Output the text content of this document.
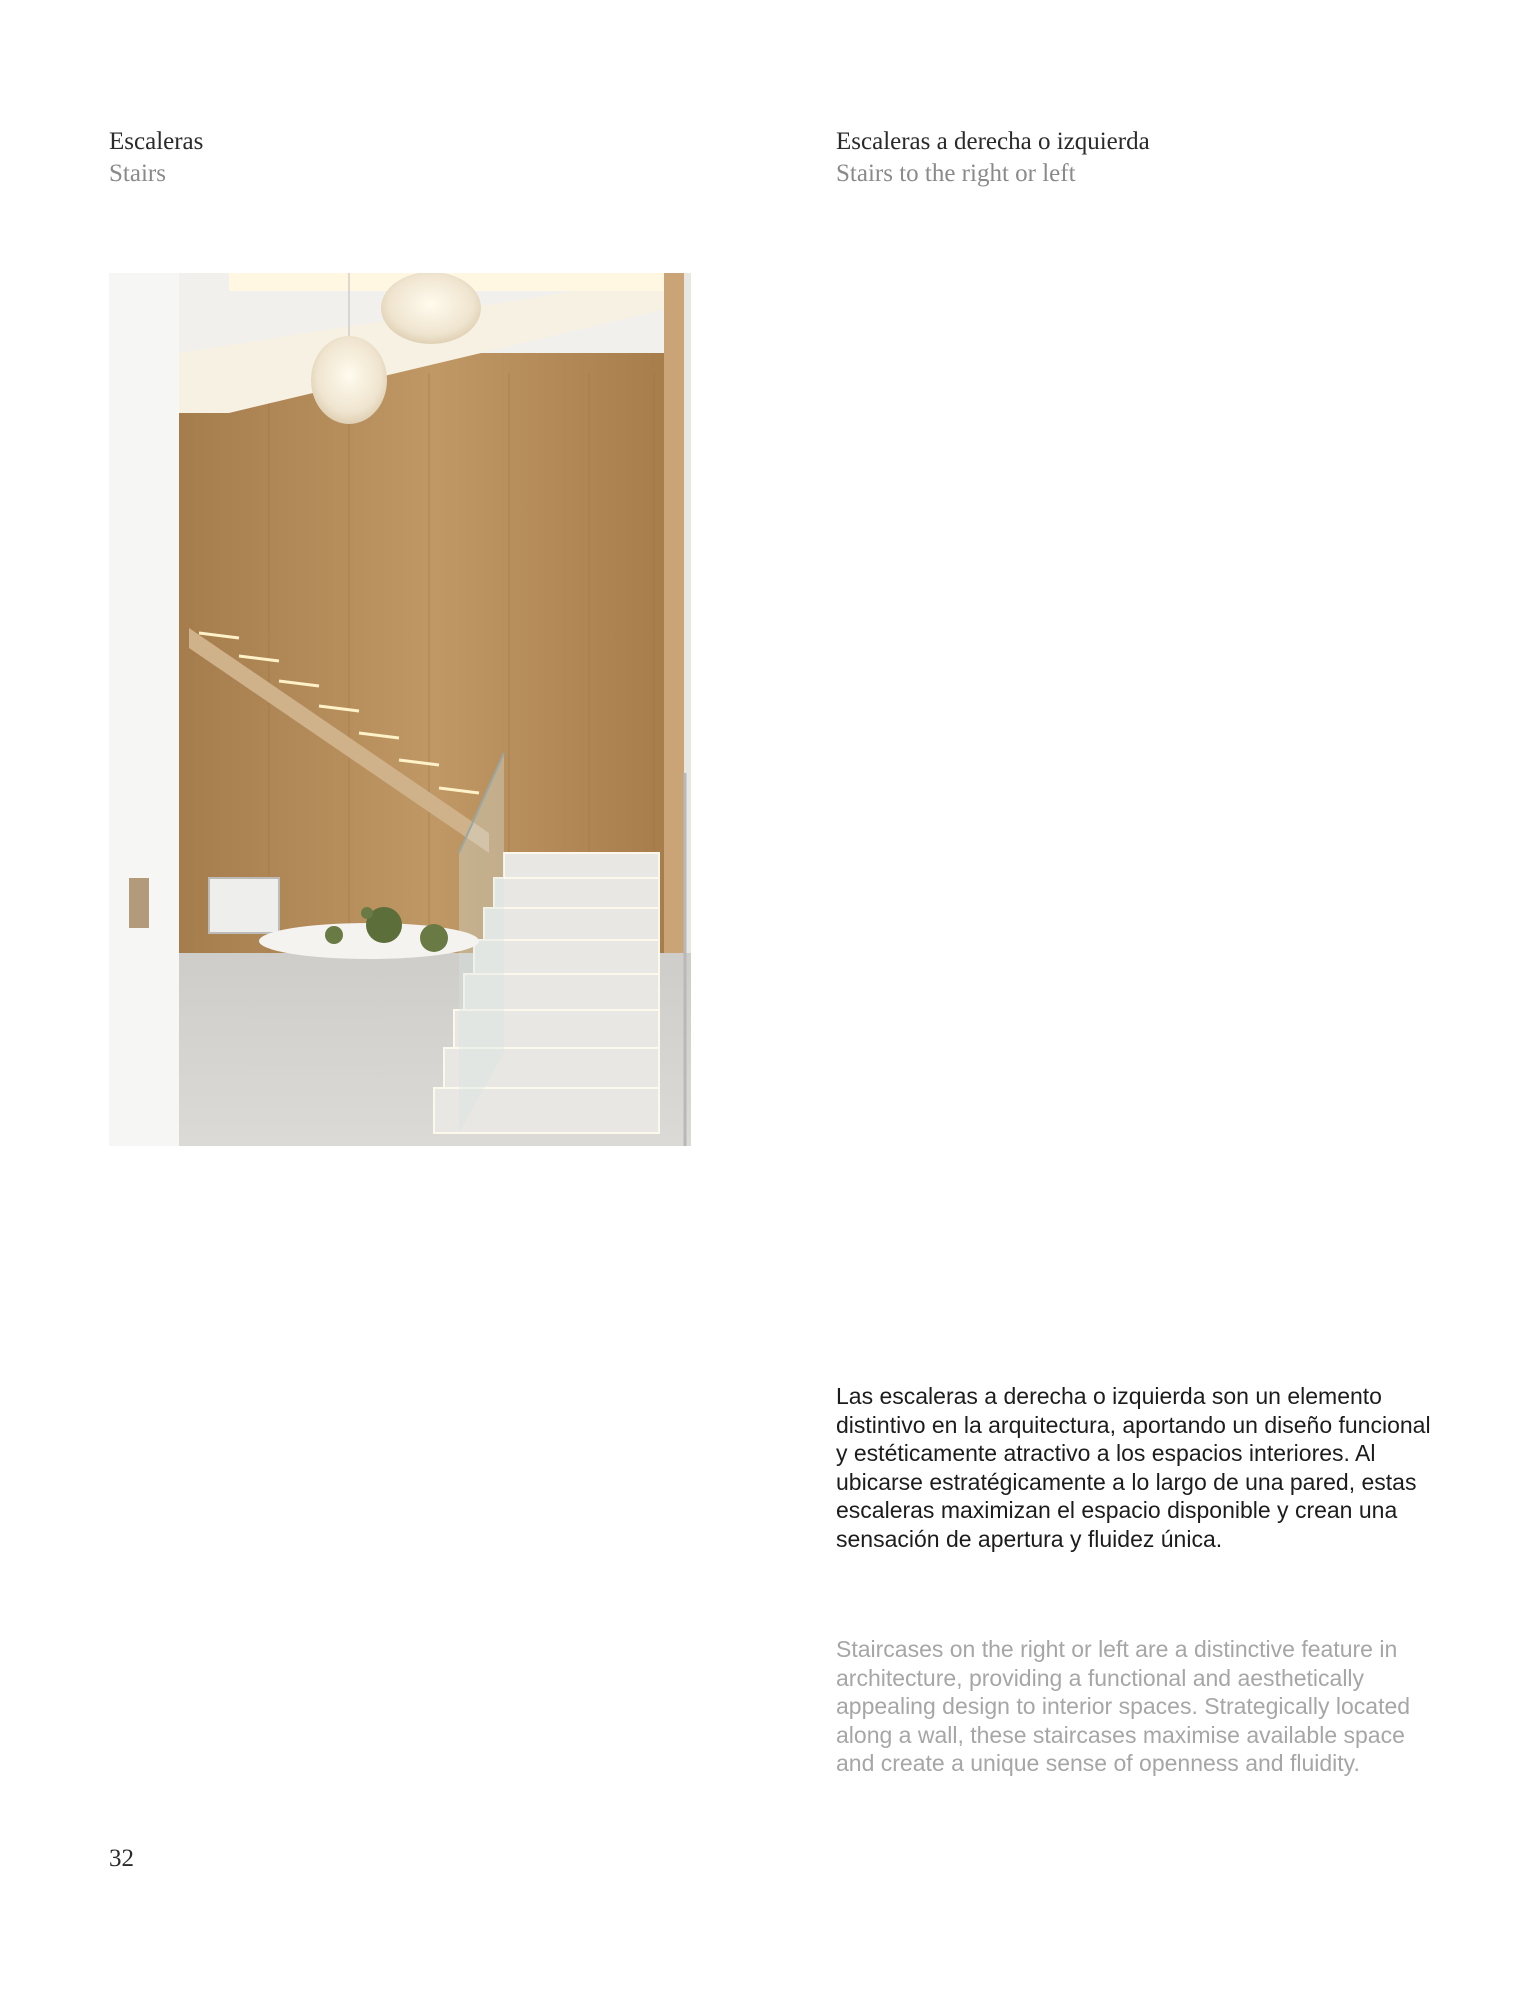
Escaleras
Stairs
Escaleras a derecha o izquierda
Stairs to the right or left
Las escaleras a derecha o izquierda son un elemento distintivo en la arquitectura, aportando un diseño funcional y estéticamente atractivo a los espacios interiores. Al ubicarse estratégicamente a lo largo de una pared, estas escaleras maximizan el espacio disponible y crean una sensación de apertura y fluidez única.
Staircases on the right or left are a distinctive feature in architecture, providing a functional and aesthetically appealing design to interior spaces. Strategically located along a wall, these staircases maximise available space and create a unique sense of openness and fluidity.
32
